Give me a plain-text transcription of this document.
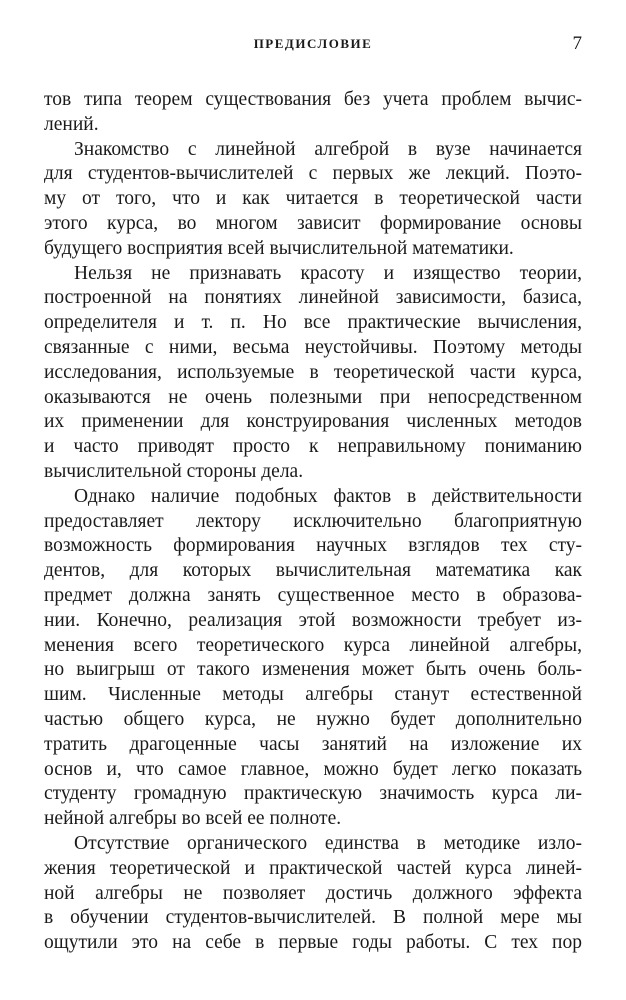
ПРЕДИСЛОВИЕ	7
тов типа теорем существования без учета проблем вычис-
лений.
Знакомство с линейной алгеброй в вузе начинается
для студентов-вычислителей с первых же лекций. Поэто-
му от того, что и как читается в теоретической части
этого курса, во многом зависит формирование основы
будущего восприятия всей вычислительной математики.
Нельзя не признавать красоту и изящество теории,
построенной на понятиях линейной зависимости, базиса,
определителя и т. п. Но все практические вычисления,
связанные с ними, весьма неустойчивы. Поэтому методы
исследования, используемые в теоретической части курса,
оказываются не очень полезными при непосредственном
их применении для конструирования численных методов
и часто приводят просто к неправильному пониманию
вычислительной стороны дела.
Однако наличие подобных фактов в действительности
предоставляет лектору исключительно благоприятную
возможность формирования научных взглядов тех сту-
дентов, для которых вычислительная математика как
предмет должна занять существенное место в образова-
нии. Конечно, реализация этой возможности требует из-
менения всего теоретического курса линейной алгебры,
но выигрыш от такого изменения может быть очень боль-
шим. Численные методы алгебры станут естественной
частью общего курса, не нужно будет дополнительно
тратить драгоценные часы занятий на изложение их
основ и, что самое главное, можно будет легко показать
студенту громадную практическую значимость курса ли-
нейной алгебры во всей ее полноте.
Отсутствие органического единства в методике изло-
жения теоретической и практической частей курса линей-
ной алгебры не позволяет достичь должного эффекта
в обучении студентов-вычислителей. В полной мере мы
ощутили это на себе в первые годы работы. С тех пор
